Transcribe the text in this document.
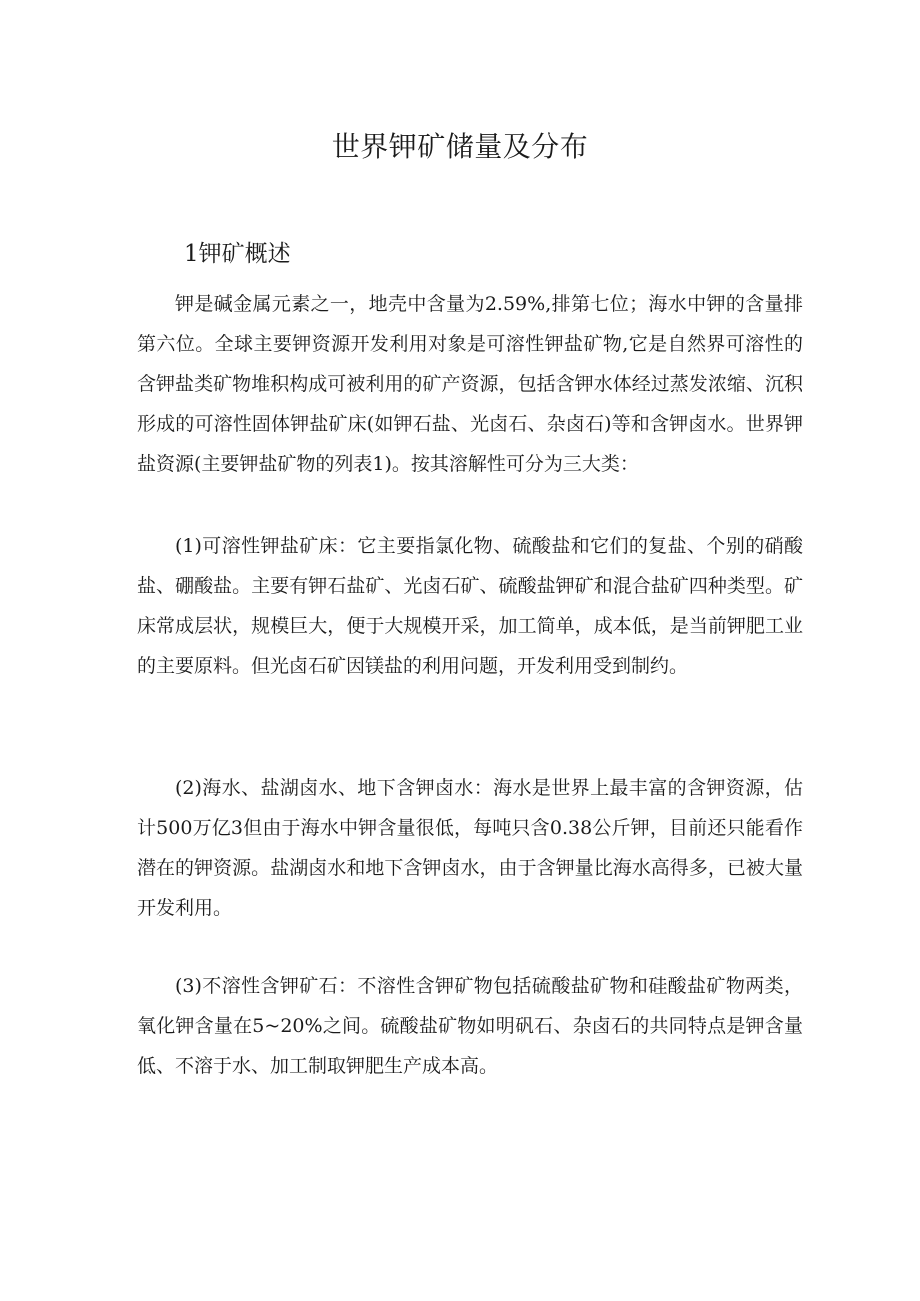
世界钾矿储量及分布
1钾矿概述

钾是碱金属元素之一，地壳中含量为2.59%,排第七位；海水中钾的含量排第六位。全球主要钾资源开发利用对象是可溶性钾盐矿物,它是自然界可溶性的含钾盐类矿物堆积构成可被利用的矿产资源，包括含钾水体经过蒸发浓缩、沉积形成的可溶性固体钾盐矿床(如钾石盐、光卤石、杂卤石)等和含钾卤水。世界钾盐资源(主要钾盐矿物的列表1)。按其溶解性可分为三大类：

(1)可溶性钾盐矿床：它主要指氯化物、硫酸盐和它们的复盐、个别的硝酸盐、硼酸盐。主要有钾石盐矿、光卤石矿、硫酸盐钾矿和混合盐矿四种类型。矿床常成层状，规模巨大，便于大规模开采，加工简单，成本低，是当前钾肥工业的主要原料。但光卤石矿因镁盐的利用问题，开发利用受到制约。

(2)海水、盐湖卤水、地下含钾卤水：海水是世界上最丰富的含钾资源，估计500万亿3但由于海水中钾含量很低，每吨只含0.38公斤钾，目前还只能看作潜在的钾资源。盐湖卤水和地下含钾卤水，由于含钾量比海水高得多，已被大量开发利用。

(3)不溶性含钾矿石：不溶性含钾矿物包括硫酸盐矿物和硅酸盐矿物两类，氧化钾含量在5~20%之间。硫酸盐矿物如明矾石、杂卤石的共同特点是钾含量低、不溶于水、加工制取钾肥生产成本高。
